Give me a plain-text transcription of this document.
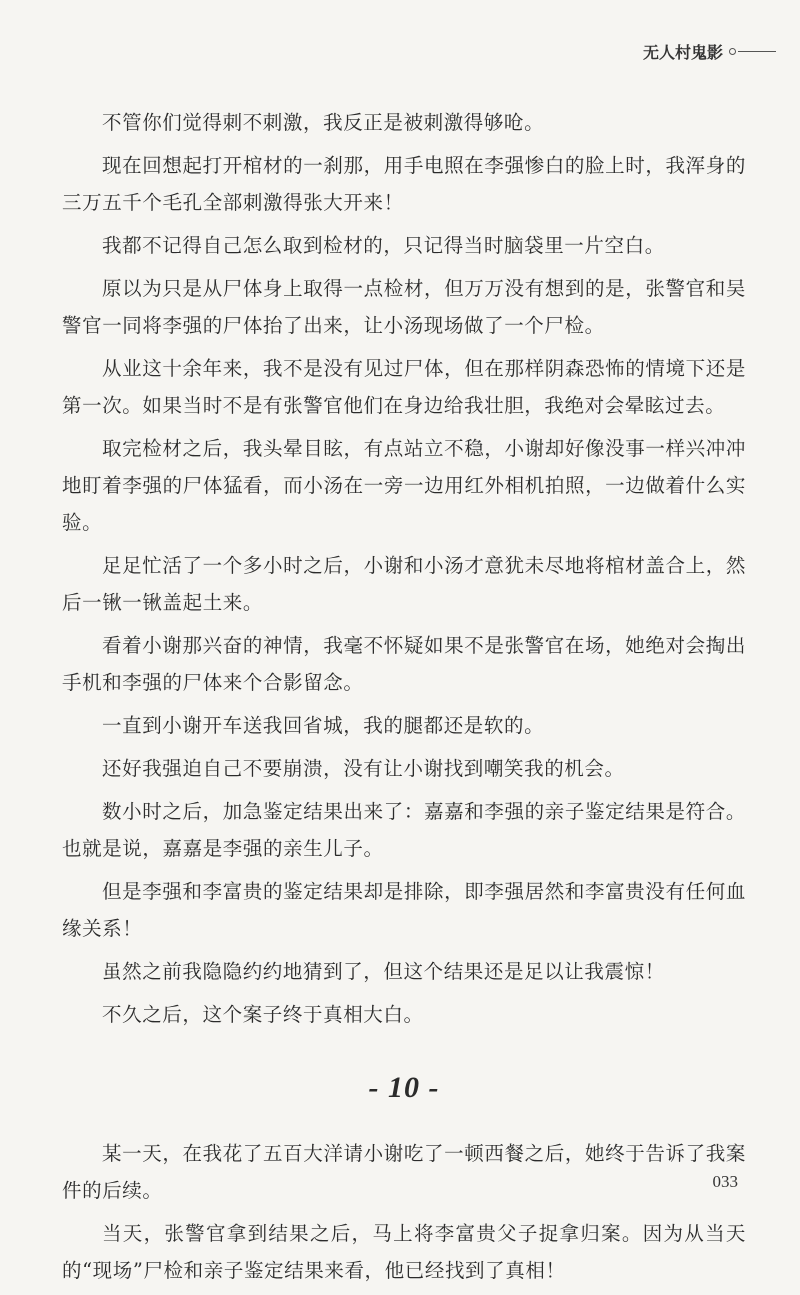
无人村鬼影

不管你们觉得刺不刺激，我反正是被刺激得够呛。

现在回想起打开棺材的一刹那，用手电照在李强惨白的脸上时，我浑身的三万五千个毛孔全部刺激得张大开来！

我都不记得自己怎么取到检材的，只记得当时脑袋里一片空白。

原以为只是从尸体身上取得一点检材，但万万没有想到的是，张警官和吴警官一同将李强的尸体抬了出来，让小汤现场做了一个尸检。

从业这十余年来，我不是没有见过尸体，但在那样阴森恐怖的情境下还是第一次。如果当时不是有张警官他们在身边给我壮胆，我绝对会晕眩过去。

取完检材之后，我头晕目眩，有点站立不稳，小谢却好像没事一样兴冲冲地盯着李强的尸体猛看，而小汤在一旁一边用红外相机拍照，一边做着什么实验。

足足忙活了一个多小时之后，小谢和小汤才意犹未尽地将棺材盖合上，然后一锹一锹盖起土来。

看着小谢那兴奋的神情，我毫不怀疑如果不是张警官在场，她绝对会掏出手机和李强的尸体来个合影留念。

一直到小谢开车送我回省城，我的腿都还是软的。

还好我强迫自己不要崩溃，没有让小谢找到嘲笑我的机会。

数小时之后，加急鉴定结果出来了：嘉嘉和李强的亲子鉴定结果是符合。也就是说，嘉嘉是李强的亲生儿子。

但是李强和李富贵的鉴定结果却是排除，即李强居然和李富贵没有任何血缘关系！

虽然之前我隐隐约约地猜到了，但这个结果还是足以让我震惊！

不久之后，这个案子终于真相大白。

- 10 -

某一天，在我花了五百大洋请小谢吃了一顿西餐之后，她终于告诉了我案件的后续。

当天，张警官拿到结果之后，马上将李富贵父子捉拿归案。因为从当天的“现场”尸检和亲子鉴定结果来看，他已经找到了真相！

033
